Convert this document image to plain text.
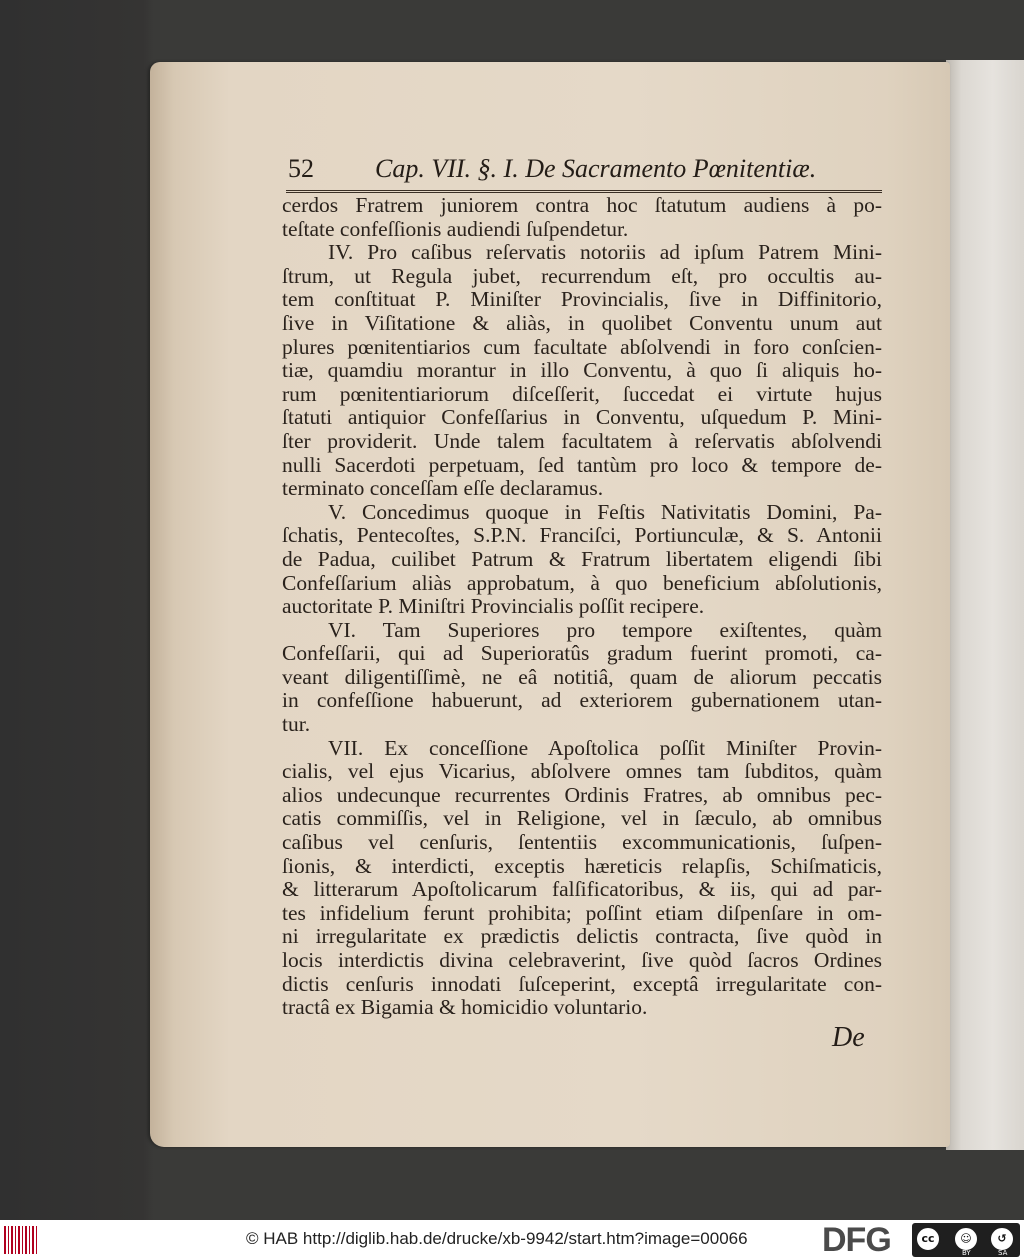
52 Cap. VII. §. I. De Sacramento Pœnitentiæ.
cerdos Fratrem juniorem contra hoc ſtatutum audiens à po-
teſtate confeſſionis audiendi ſuſpendetur.
IV. Pro caſibus reſervatis notoriis ad ipſum Patrem Mini-
ſtrum, ut Regula jubet, recurrendum eſt, pro occultis au-
tem conſtituat P. Miniſter Provincialis, ſive in Diffinitorio,
ſive in Viſitatione & aliàs, in quolibet Conventu unum aut
plures pœnitentiarios cum facultate abſolvendi in foro conſcien-
tiæ, quamdiu morantur in illo Conventu, à quo ſi aliquis ho-
rum pœnitentiariorum diſceſſerit, ſuccedat ei virtute hujus
ſtatuti antiquior Confeſſarius in Conventu, uſquedum P. Mini-
ſter providerit. Unde talem facultatem à reſervatis abſolvendi
nulli Sacerdoti perpetuam, ſed tantùm pro loco & tempore de-
terminato conceſſam eſſe declaramus.
V. Concedimus quoque in Feſtis Nativitatis Domini, Pa-
ſchatis, Pentecoſtes, S.P.N. Franciſci, Portiunculæ, & S. Antonii
de Padua, cuilibet Patrum & Fratrum libertatem eligendi ſibi
Confeſſarium aliàs approbatum, à quo beneficium abſolutionis,
auctoritate P. Miniſtri Provincialis poſſit recipere.
VI. Tam Superiores pro tempore exiſtentes, quàm
Confeſſarii, qui ad Superioratûs gradum fuerint promoti, ca-
veant diligentiſſimè, ne eâ notitiâ, quam de aliorum peccatis
in confeſſione habuerunt, ad exteriorem gubernationem utan-
tur.
VII. Ex conceſſione Apoſtolica poſſit Miniſter Provin-
cialis, vel ejus Vicarius, abſolvere omnes tam ſubditos, quàm
alios undecunque recurrentes Ordinis Fratres, ab omnibus pec-
catis commiſſis, vel in Religione, vel in ſæculo, ab omnibus
caſibus vel cenſuris, ſententiis excommunicationis, ſuſpen-
ſionis, & interdicti, exceptis hæreticis relapſis, Schiſmaticis,
& litterarum Apoſtolicarum falſificatoribus, & iis, qui ad par-
tes infidelium ferunt prohibita; poſſint etiam diſpenſare in om-
ni irregularitate ex prædictis delictis contracta, ſive quòd in
locis interdictis divina celebraverint, ſive quòd ſacros Ordines
dictis cenſuris innodati ſuſceperint, exceptâ irregularitate con-
tractâ ex Bigamia & homicidio voluntario.
De
© HAB http://diglib.hab.de/drucke/xb-9942/start.htm?image=00066 DFG	cc	☺	↺
BY	SA
